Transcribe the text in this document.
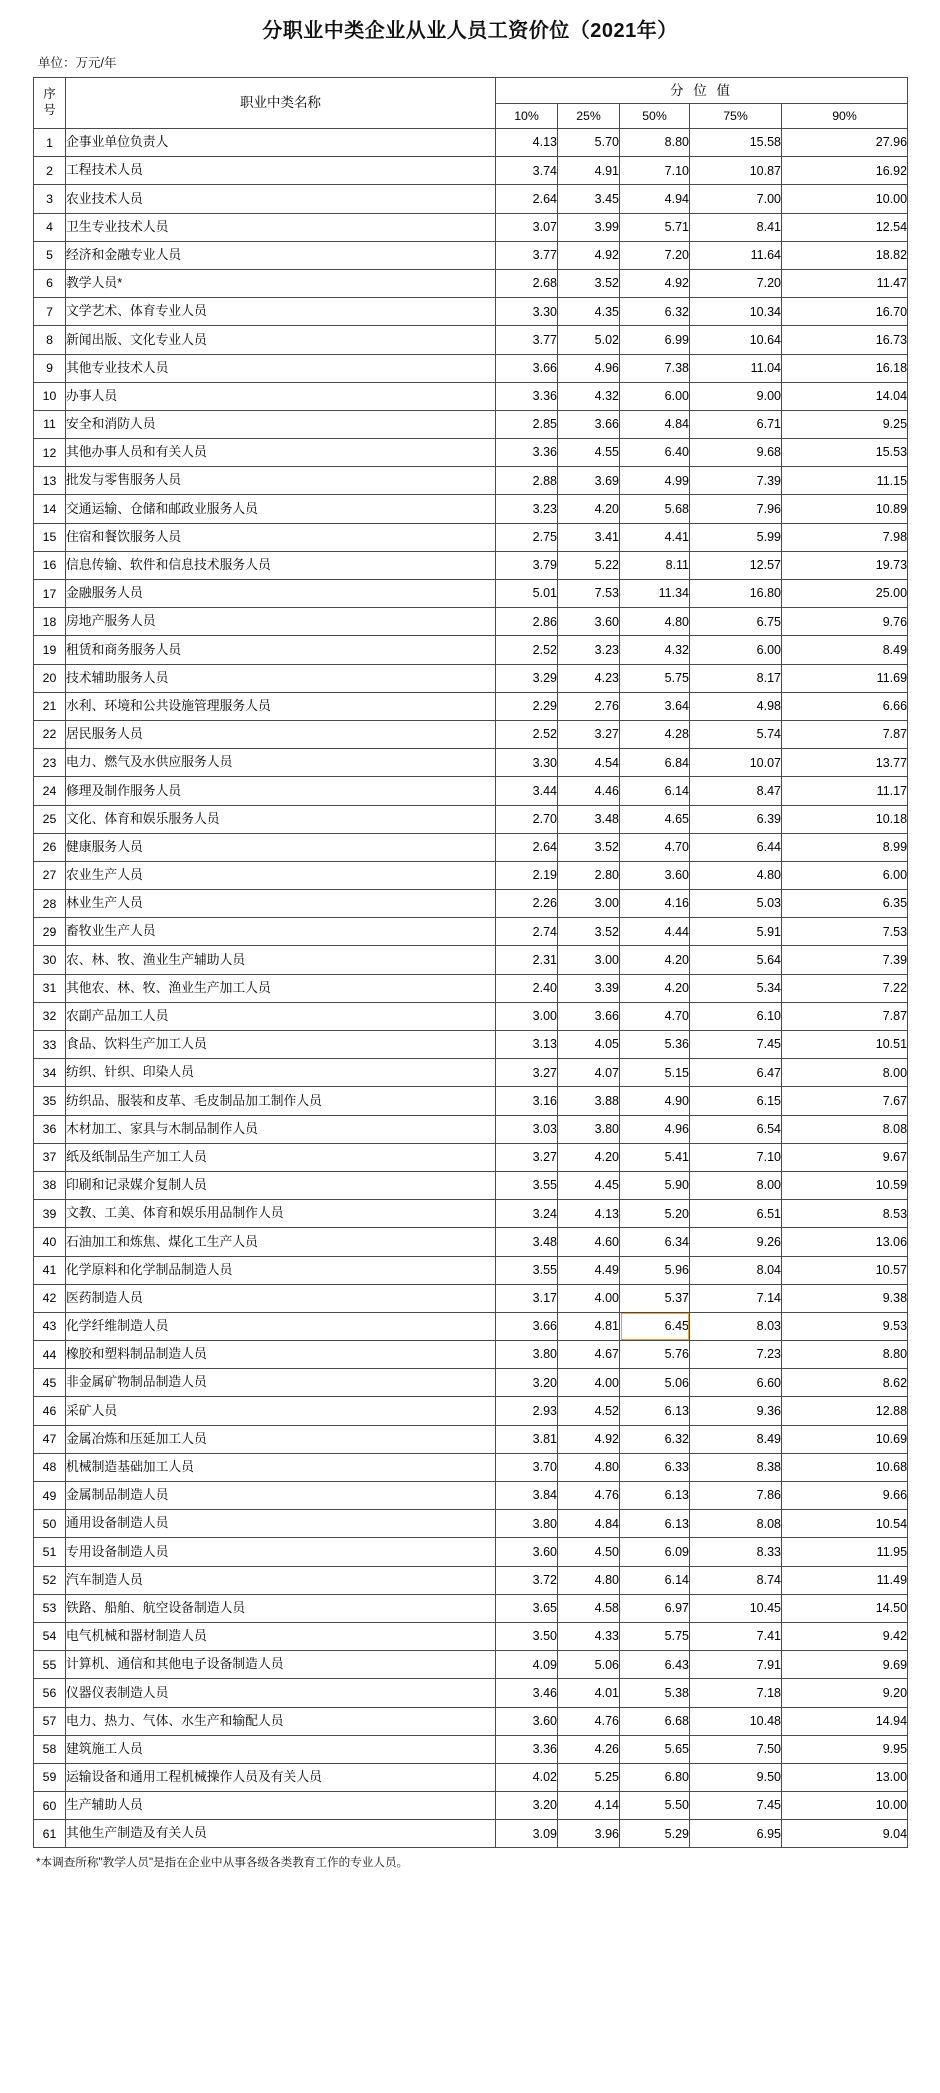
分职业中类企业从业人员工资价位（2021年）
单位：万元/年
序
号	职业中类名称	分 位 值				
		10%	25%	50%	75%	90%
1	企事业单位负责人	4.13	5.70	8.80	15.58	27.96
2	工程技术人员	3.74	4.91	7.10	10.87	16.92
3	农业技术人员	2.64	3.45	4.94	7.00	10.00
4	卫生专业技术人员	3.07	3.99	5.71	8.41	12.54
5	经济和金融专业人员	3.77	4.92	7.20	11.64	18.82
6	教学人员*	2.68	3.52	4.92	7.20	11.47
7	文学艺术、体育专业人员	3.30	4.35	6.32	10.34	16.70
8	新闻出版、文化专业人员	3.77	5.02	6.99	10.64	16.73
9	其他专业技术人员	3.66	4.96	7.38	11.04	16.18
10	办事人员	3.36	4.32	6.00	9.00	14.04
11	安全和消防人员	2.85	3.66	4.84	6.71	9.25
12	其他办事人员和有关人员	3.36	4.55	6.40	9.68	15.53
13	批发与零售服务人员	2.88	3.69	4.99	7.39	11.15
14	交通运输、仓储和邮政业服务人员	3.23	4.20	5.68	7.96	10.89
15	住宿和餐饮服务人员	2.75	3.41	4.41	5.99	7.98
16	信息传输、软件和信息技术服务人员	3.79	5.22	8.11	12.57	19.73
17	金融服务人员	5.01	7.53	11.34	16.80	25.00
18	房地产服务人员	2.86	3.60	4.80	6.75	9.76
19	租赁和商务服务人员	2.52	3.23	4.32	6.00	8.49
20	技术辅助服务人员	3.29	4.23	5.75	8.17	11.69
21	水利、环境和公共设施管理服务人员	2.29	2.76	3.64	4.98	6.66
22	居民服务人员	2.52	3.27	4.28	5.74	7.87
23	电力、燃气及水供应服务人员	3.30	4.54	6.84	10.07	13.77
24	修理及制作服务人员	3.44	4.46	6.14	8.47	11.17
25	文化、体育和娱乐服务人员	2.70	3.48	4.65	6.39	10.18
26	健康服务人员	2.64	3.52	4.70	6.44	8.99
27	农业生产人员	2.19	2.80	3.60	4.80	6.00
28	林业生产人员	2.26	3.00	4.16	5.03	6.35
29	畜牧业生产人员	2.74	3.52	4.44	5.91	7.53
30	农、林、牧、渔业生产辅助人员	2.31	3.00	4.20	5.64	7.39
31	其他农、林、牧、渔业生产加工人员	2.40	3.39	4.20	5.34	7.22
32	农副产品加工人员	3.00	3.66	4.70	6.10	7.87
33	食品、饮料生产加工人员	3.13	4.05	5.36	7.45	10.51
34	纺织、针织、印染人员	3.27	4.07	5.15	6.47	8.00
35	纺织品、服装和皮革、毛皮制品加工制作人员	3.16	3.88	4.90	6.15	7.67
36	木材加工、家具与木制品制作人员	3.03	3.80	4.96	6.54	8.08
37	纸及纸制品生产加工人员	3.27	4.20	5.41	7.10	9.67
38	印刷和记录媒介复制人员	3.55	4.45	5.90	8.00	10.59
39	文教、工美、体育和娱乐用品制作人员	3.24	4.13	5.20	6.51	8.53
40	石油加工和炼焦、煤化工生产人员	3.48	4.60	6.34	9.26	13.06
41	化学原料和化学制品制造人员	3.55	4.49	5.96	8.04	10.57
42	医药制造人员	3.17	4.00	5.37	7.14	9.38
43	化学纤维制造人员	3.66	4.81	6.45	8.03	9.53
44	橡胶和塑料制品制造人员	3.80	4.67	5.76	7.23	8.80
45	非金属矿物制品制造人员	3.20	4.00	5.06	6.60	8.62
46	采矿人员	2.93	4.52	6.13	9.36	12.88
47	金属冶炼和压延加工人员	3.81	4.92	6.32	8.49	10.69
48	机械制造基础加工人员	3.70	4.80	6.33	8.38	10.68
49	金属制品制造人员	3.84	4.76	6.13	7.86	9.66
50	通用设备制造人员	3.80	4.84	6.13	8.08	10.54
51	专用设备制造人员	3.60	4.50	6.09	8.33	11.95
52	汽车制造人员	3.72	4.80	6.14	8.74	11.49
53	铁路、船舶、航空设备制造人员	3.65	4.58	6.97	10.45	14.50
54	电气机械和器材制造人员	3.50	4.33	5.75	7.41	9.42
55	计算机、通信和其他电子设备制造人员	4.09	5.06	6.43	7.91	9.69
56	仪器仪表制造人员	3.46	4.01	5.38	7.18	9.20
57	电力、热力、气体、水生产和输配人员	3.60	4.76	6.68	10.48	14.94
58	建筑施工人员	3.36	4.26	5.65	7.50	9.95
59	运输设备和通用工程机械操作人员及有关人员	4.02	5.25	6.80	9.50	13.00
60	生产辅助人员	3.20	4.14	5.50	7.45	10.00
61	其他生产制造及有关人员	3.09	3.96	5.29	6.95	9.04
*本调查所称"教学人员"是指在企业中从事各级各类教育工作的专业人员。
